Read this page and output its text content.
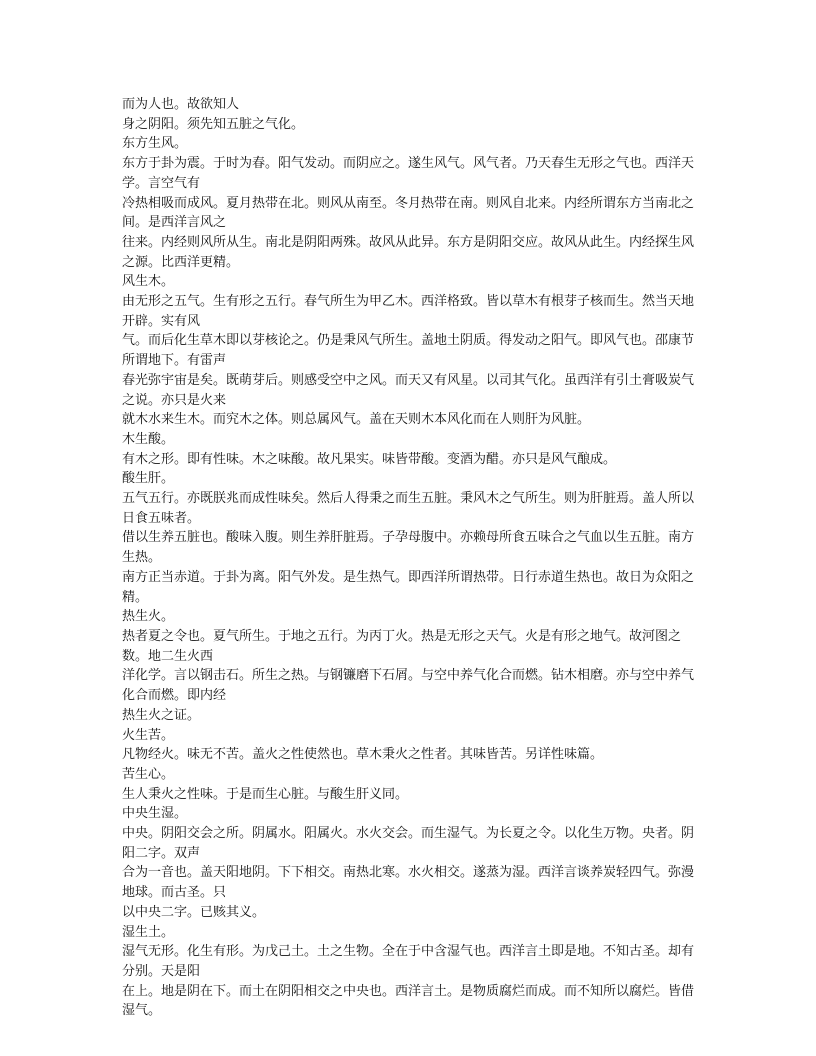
而为人也。故欲知人

身之阴阳。须先知五脏之气化。

东方生风。

东方于卦为震。于时为春。阳气发动。而阴应之。遂生风气。风气者。乃天春生无形之气也。西洋天学。言空气有

冷热相吸而成风。夏月热带在北。则风从南至。冬月热带在南。则风自北来。内经所谓东方当南北之间。是西洋言风之

往来。内经则风所从生。南北是阴阳两殊。故风从此异。东方是阴阳交应。故风从此生。内经探生风之源。比西洋更精。

风生木。

由无形之五气。生有形之五行。春气所生为甲乙木。西洋格致。皆以草木有根芽子核而生。然当天地开辟。实有风

气。而后化生草木即以芽核论之。仍是秉风气所生。盖地土阴质。得发动之阳气。即风气也。邵康节所谓地下。有雷声

春光弥宇宙是矣。既萌芽后。则感受空中之风。而天又有风星。以司其气化。虽西洋有引土膏吸炭气之说。亦只是火来

就木水来生木。而究木之体。则总属风气。盖在天则木本风化而在人则肝为风脏。

木生酸。

有木之形。即有性味。木之味酸。故凡果实。味皆带酸。变酒为醋。亦只是风气酿成。

酸生肝。

五气五行。亦既朕兆而成性味矣。然后人得秉之而生五脏。秉风木之气所生。则为肝脏焉。盖人所以日食五味者。

借以生养五脏也。酸味入腹。则生养肝脏焉。子孕母腹中。亦赖母所食五味合之气血以生五脏。南方生热。

南方正当赤道。于卦为离。阳气外发。是生热气。即西洋所谓热带。日行赤道生热也。故日为众阳之精。

热生火。

热者夏之令也。夏气所生。于地之五行。为丙丁火。热是无形之天气。火是有形之地气。故河图之数。地二生火西

洋化学。言以钢击石。所生之热。与钢镰磨下石屑。与空中养气化合而燃。钻木相磨。亦与空中养气化合而燃。即内经

热生火之证。

火生苦。

凡物经火。味无不苦。盖火之性使然也。草木秉火之性者。其味皆苦。另详性味篇。

苦生心。

生人秉火之性味。于是而生心脏。与酸生肝义同。

中央生湿。

中央。阴阳交会之所。阴属水。阳属火。水火交会。而生湿气。为长夏之令。以化生万物。央者。阴阳二字。双声

合为一音也。盖天阳地阴。下下相交。南热北寒。水火相交。遂蒸为湿。西洋言谈养炭轻四气。弥漫地球。而古圣。只

以中央二字。已赅其义。

湿生土。

湿气无形。化生有形。为戊己土。土之生物。全在于中含湿气也。西洋言土即是地。不知古圣。却有分别。天是阳

在上。地是阴在下。而土在阴阳相交之中央也。西洋言土。是物质腐烂而成。而不知所以腐烂。皆借湿气。
